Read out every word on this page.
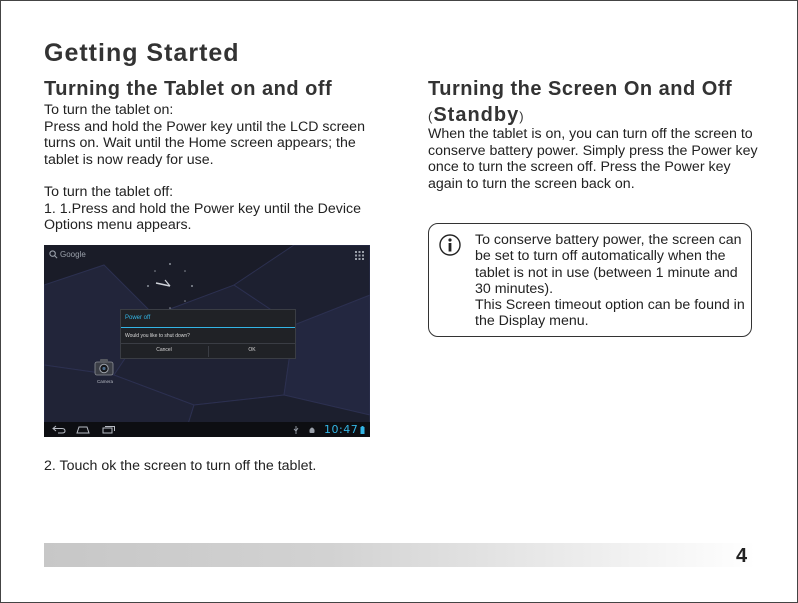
Getting Started
Turning the Tablet on and off
To turn the tablet on:
Press and hold the Power key until the LCD screen turns on. Wait until the Home screen appears; the tablet is now ready for use.
To turn the tablet off:
1. 1.Press and hold the Power key until the Device Options menu appears.
Google
Power off
Would you like to shut down?
Cancel	OK
Camera
10:47
2. Touch ok the screen to turn off the tablet.
Turning the Screen On and Off
(Standby)
When the tablet is on, you can turn off the screen to conserve battery power. Simply press the Power key once to turn the screen off. Press the Power key again to turn the screen back on.
To conserve battery power, the screen can be set to turn off automatically when the tablet is not in use (between 1 minute and 30 minutes).
This Screen timeout option can be found in the Display menu.
4
